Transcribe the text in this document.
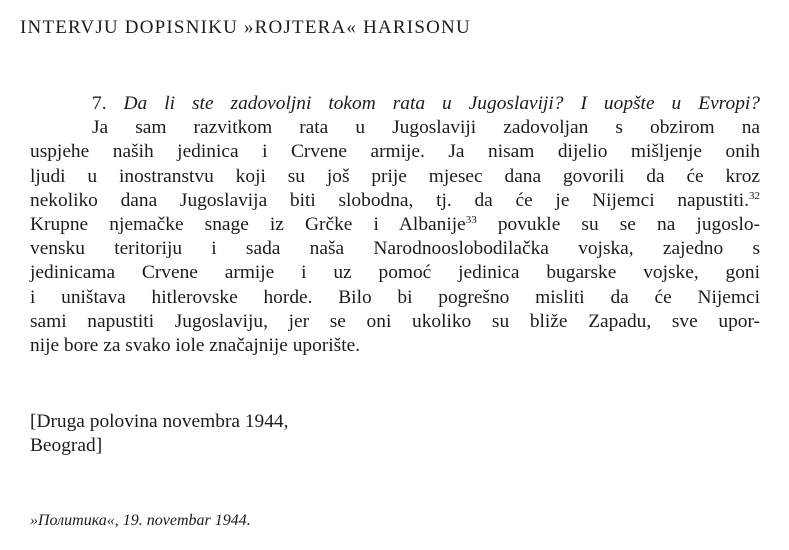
INTERVJU DOPISNIKU »ROJTERA« HARISONU
7. Da li ste zadovoljni tokom rata u Jugoslaviji? I uopšte u Evropi?
Ja sam razvitkom rata u Jugoslaviji zadovoljan s obzirom na
uspjehe naših jedinica i Crvene armije. Ja nisam dijelio mišljenje onih
ljudi u inostranstvu koji su još prije mjesec dana govorili da će kroz
nekoliko dana Jugoslavija biti slobodna, tj. da će je Nijemci napustiti.$^{32}$
Krupne njemačke snage iz Grčke i Albanije$^{33}$ povukle su se na jugoslo-
vensku teritoriju i sada naša Narodnooslobodilačka vojska, zajedno s
jedinicama Crvene armije i uz pomoć jedinica bugarske vojske, goni
i uništava hitlerovske horde. Bilo bi pogrešno misliti da će Nijemci
sami napustiti Jugoslaviju, jer se oni ukoliko su bliže Zapadu, sve upor-
nije bore za svako iole značajnije uporište.
[Druga polovina novembra 1944,
Beograd]
»Политика«, 19. novembar 1944.
